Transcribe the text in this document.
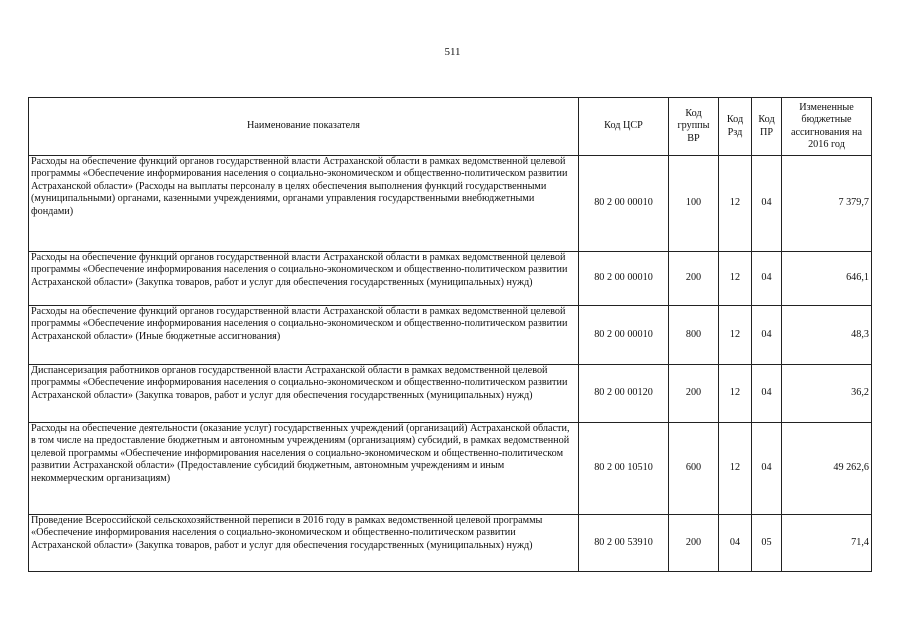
511
Наименование показателя	Код ЦСР	Код группы ВР	Код Рзд	Код ПР	Измененные бюджетные ассигнования на 2016 год
Расходы на обеспечение функций органов государственной власти Астраханской области в рамках ведомственной целевой программы «Обеспечение информирования населения о социально-экономическом и общественно-политическом развитии Астраханской области» (Расходы на выплаты персоналу в целях обеспечения выполнения функций государственными (муниципальными) органами, казенными учреждениями, органами управления государственными внебюджетными фондами)	80 2 00 00010	100	12	04	7 379,7
Расходы на обеспечение функций органов государственной власти Астраханской области в рамках ведомственной целевой программы «Обеспечение информирования населения о социально-экономическом и общественно-политическом развитии Астраханской области» (Закупка товаров, работ и услуг для обеспечения государственных (муниципальных) нужд)	80 2 00 00010	200	12	04	646,1
Расходы на обеспечение функций органов государственной власти Астраханской области в рамках ведомственной целевой программы «Обеспечение информирования населения о социально-экономическом и общественно-политическом развитии Астраханской области» (Иные бюджетные ассигнования)	80 2 00 00010	800	12	04	48,3
Диспансеризация работников органов государственной власти Астраханской области в рамках ведомственной целевой программы «Обеспечение информирования населения о социально-экономическом и общественно-политическом развитии Астраханской области» (Закупка товаров, работ и услуг для обеспечения государственных (муниципальных) нужд)	80 2 00 00120	200	12	04	36,2
Расходы на обеспечение деятельности (оказание услуг) государственных учреждений (организаций) Астраханской области, в том числе на предоставление бюджетным и автономным учреждениям (организациям) субсидий, в рамках ведомственной целевой программы «Обеспечение информирования населения о социально-экономическом и общественно-политическом развитии Астраханской области» (Предоставление субсидий бюджетным, автономным учреждениям и иным некоммерческим организациям)	80 2 00 10510	600	12	04	49 262,6
Проведение Всероссийской сельскохозяйственной переписи в 2016 году в рамках ведомственной целевой программы «Обеспечение информирования населения о социально-экономическом и общественно-политическом развитии Астраханской области» (Закупка товаров, работ и услуг для обеспечения государственных (муниципальных) нужд)	80 2 00 53910	200	04	05	71,4
